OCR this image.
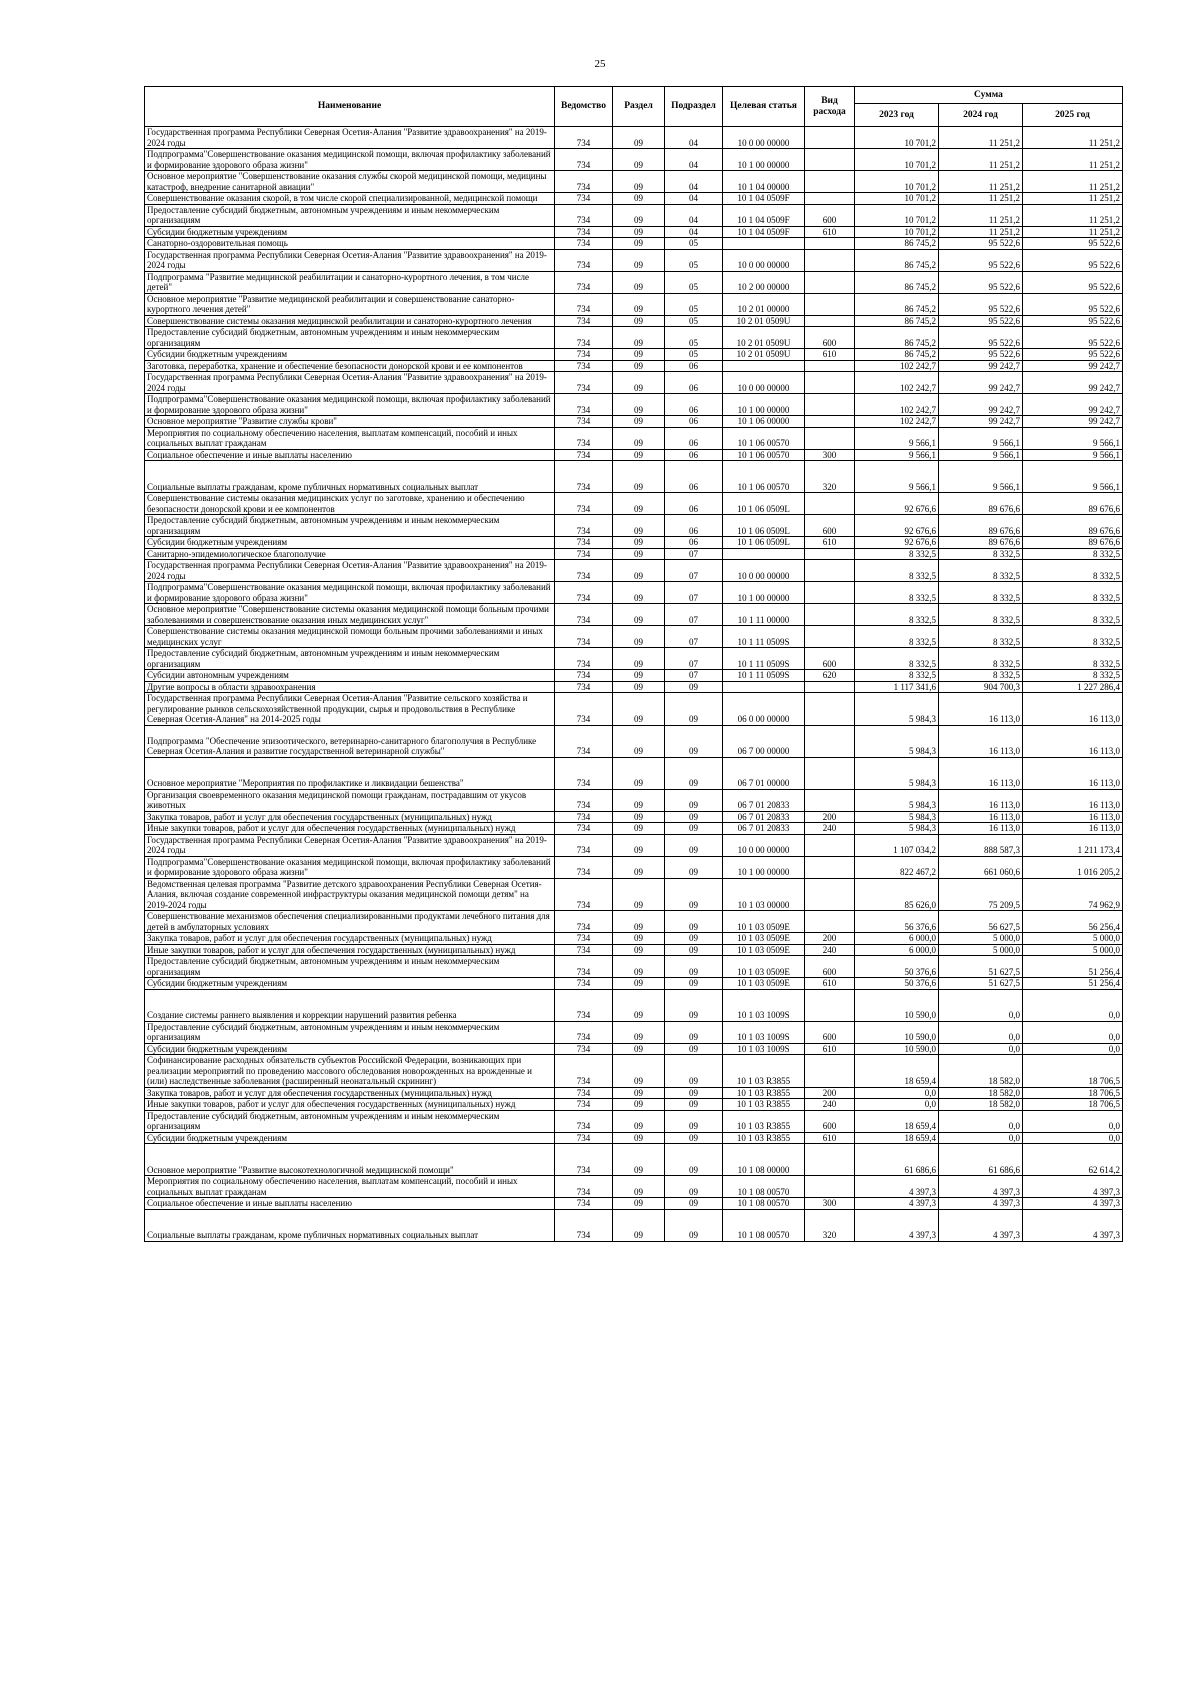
25
Наименование	Ведомство	Раздел	Подраздел	Целевая статья	Вид расхода	Сумма		
						2023 год	2024 год	2025 год
Государственная программа Республики Северная Осетия-Алания "Развитие здравоохранения" на 2019-2024 годы	734	09	04	10 0 00 00000		10 701,2	11 251,2	11 251,2
Подпрограмма"Совершенствование оказания медицинской помощи, включая профилактику заболеваний и формирование здорового образа жизни"	734	09	04	10 1 00 00000		10 701,2	11 251,2	11 251,2
Основное мероприятие "Совершенствование оказания службы скорой медицинской помощи, медицины катастроф, внедрение санитарной авиации"	734	09	04	10 1 04 00000		10 701,2	11 251,2	11 251,2
Совершенствование оказания скорой, в том числе скорой специализированной, медицинской помощи	734	09	04	10 1 04 0509F		10 701,2	11 251,2	11 251,2
Предоставление субсидий бюджетным, автономным учреждениям и иным некоммерческим организациям	734	09	04	10 1 04 0509F	600	10 701,2	11 251,2	11 251,2
Субсидии бюджетным учреждениям	734	09	04	10 1 04 0509F	610	10 701,2	11 251,2	11 251,2
Санаторно-оздоровительная помощь	734	09	05			86 745,2	95 522,6	95 522,6
Государственная программа Республики Северная Осетия-Алания "Развитие здравоохранения" на 2019-2024 годы	734	09	05	10 0 00 00000		86 745,2	95 522,6	95 522,6
Подпрограмма "Развитие медицинской реабилитации и санаторно-курортного лечения, в том числе детей"	734	09	05	10 2 00 00000		86 745,2	95 522,6	95 522,6
Основное мероприятие "Развитие медицинской реабилитации и совершенствование санаторно-курортного лечения детей"	734	09	05	10 2 01 00000		86 745,2	95 522,6	95 522,6
Совершенствование системы оказания медицинской реабилитации и санаторно-курортного лечения	734	09	05	10 2 01 0509U		86 745,2	95 522,6	95 522,6
Предоставление субсидий бюджетным, автономным учреждениям и иным некоммерческим организациям	734	09	05	10 2 01 0509U	600	86 745,2	95 522,6	95 522,6
Субсидии бюджетным учреждениям	734	09	05	10 2 01 0509U	610	86 745,2	95 522,6	95 522,6
Заготовка, переработка, хранение и обеспечение безопасности донорской крови и ее компонентов	734	09	06			102 242,7	99 242,7	99 242,7
Государственная программа Республики Северная Осетия-Алания "Развитие здравоохранения" на 2019-2024 годы	734	09	06	10 0 00 00000		102 242,7	99 242,7	99 242,7
Подпрограмма"Совершенствование оказания медицинской помощи, включая профилактику заболеваний и формирование здорового образа жизни"	734	09	06	10 1 00 00000		102 242,7	99 242,7	99 242,7
Основное мероприятие "Развитие службы крови"	734	09	06	10 1 06 00000		102 242,7	99 242,7	99 242,7
Мероприятия по социальному обеспечению населения, выплатам компенсаций, пособий и иных социальных выплат гражданам	734	09	06	10 1 06 00570		9 566,1	9 566,1	9 566,1
Социальное обеспечение и иные выплаты населению	734	09	06	10 1 06 00570	300	9 566,1	9 566,1	9 566,1
Социальные выплаты гражданам, кроме публичных нормативных социальных выплат	734	09	06	10 1 06 00570	320	9 566,1	9 566,1	9 566,1
Совершенствование системы оказания медицинских услуг по заготовке, хранению и обеспечению безопасности донорской крови и ее компонентов	734	09	06	10 1 06 0509L		92 676,6	89 676,6	89 676,6
Предоставление субсидий бюджетным, автономным учреждениям и иным некоммерческим организациям	734	09	06	10 1 06 0509L	600	92 676,6	89 676,6	89 676,6
Субсидии бюджетным учреждениям	734	09	06	10 1 06 0509L	610	92 676,6	89 676,6	89 676,6
Санитарно-эпидемиологическое благополучие	734	09	07			8 332,5	8 332,5	8 332,5
Государственная программа Республики Северная Осетия-Алания "Развитие здравоохранения" на 2019-2024 годы	734	09	07	10 0 00 00000		8 332,5	8 332,5	8 332,5
Подпрограмма"Совершенствование оказания медицинской помощи, включая профилактику заболеваний и формирование здорового образа жизни"	734	09	07	10 1 00 00000		8 332,5	8 332,5	8 332,5
Основное мероприятие "Совершенствование системы оказания медицинской помощи больным прочими заболеваниями и совершенствование оказания иных медицинских услуг"	734	09	07	10 1 11 00000		8 332,5	8 332,5	8 332,5
Совершенствование системы оказания медицинской помощи больным прочими заболеваниями и иных медицинских услуг	734	09	07	10 1 11 0509S		8 332,5	8 332,5	8 332,5
Предоставление субсидий бюджетным, автономным учреждениям и иным некоммерческим организациям	734	09	07	10 1 11 0509S	600	8 332,5	8 332,5	8 332,5
Субсидии автономным учреждениям	734	09	07	10 1 11 0509S	620	8 332,5	8 332,5	8 332,5
Другие вопросы в области здравоохранения	734	09	09			1 117 341,6	904 700,3	1 227 286,4
Государственная программа Республики Северная Осетия-Алания "Развитие сельского хозяйства и регулирование рынков сельскохозяйственной продукции, сырья и продовольствия в Республике Северная Осетия-Алания" на 2014-2025 годы	734	09	09	06 0 00 00000		5 984,3	16 113,0	16 113,0
Подпрограмма "Обеспечение эпизоотического, ветеринарно-санитарного благополучия в Республике Северная Осетия-Алания и развитие государственной ветеринарной службы"	734	09	09	06 7 00 00000		5 984,3	16 113,0	16 113,0
Основное мероприятие "Мероприятия по профилактике и ликвидации бешенства"	734	09	09	06 7 01 00000		5 984,3	16 113,0	16 113,0
Организация своевременного оказания медицинской помощи гражданам, пострадавшим от укусов животных	734	09	09	06 7 01 20833		5 984,3	16 113,0	16 113,0
Закупка товаров, работ и услуг для обеспечения государственных (муниципальных) нужд	734	09	09	06 7 01 20833	200	5 984,3	16 113,0	16 113,0
Иные закупки товаров, работ и услуг для обеспечения государственных (муниципальных) нужд	734	09	09	06 7 01 20833	240	5 984,3	16 113,0	16 113,0
Государственная программа Республики Северная Осетия-Алания "Развитие здравоохранения" на 2019-2024 годы	734	09	09	10 0 00 00000		1 107 034,2	888 587,3	1 211 173,4
Подпрограмма"Совершенствование оказания медицинской помощи, включая профилактику заболеваний и формирование здорового образа жизни"	734	09	09	10 1 00 00000		822 467,2	661 060,6	1 016 205,2
Ведомственная целевая программа "Развитие детского здравоохранения Республики Северная Осетия-Алания, включая создание современной инфраструктуры оказания медицинской помощи детям" на 2019-2024 годы	734	09	09	10 1 03 00000		85 626,0	75 209,5	74 962,9
Совершенствование механизмов обеспечения специализированными продуктами лечебного питания для детей в амбулаторных условиях	734	09	09	10 1 03 0509E		56 376,6	56 627,5	56 256,4
Закупка товаров, работ и услуг для обеспечения государственных (муниципальных) нужд	734	09	09	10 1 03 0509E	200	6 000,0	5 000,0	5 000,0
Иные закупки товаров, работ и услуг для обеспечения государственных (муниципальных) нужд	734	09	09	10 1 03 0509E	240	6 000,0	5 000,0	5 000,0
Предоставление субсидий бюджетным, автономным учреждениям и иным некоммерческим организациям	734	09	09	10 1 03 0509E	600	50 376,6	51 627,5	51 256,4
Субсидии бюджетным учреждениям	734	09	09	10 1 03 0509E	610	50 376,6	51 627,5	51 256,4
Создание системы раннего выявления и коррекции нарушений развития ребенка	734	09	09	10 1 03 1009S		10 590,0	0,0	0,0
Предоставление субсидий бюджетным, автономным учреждениям и иным некоммерческим организациям	734	09	09	10 1 03 1009S	600	10 590,0	0,0	0,0
Субсидии бюджетным учреждениям	734	09	09	10 1 03 1009S	610	10 590,0	0,0	0,0
Софинансирование расходных обязательств субъектов Российской Федерации, возникающих при реализации мероприятий по проведению массового обследования новорожденных на врожденные и (или) наследственные заболевания (расширенный неонатальный скрининг)	734	09	09	10 1 03 R3855		18 659,4	18 582,0	18 706,5
Закупка товаров, работ и услуг для обеспечения государственных (муниципальных) нужд	734	09	09	10 1 03 R3855	200	0,0	18 582,0	18 706,5
Иные закупки товаров, работ и услуг для обеспечения государственных (муниципальных) нужд	734	09	09	10 1 03 R3855	240	0,0	18 582,0	18 706,5
Предоставление субсидий бюджетным, автономным учреждениям и иным некоммерческим организациям	734	09	09	10 1 03 R3855	600	18 659,4	0,0	0,0
Субсидии бюджетным учреждениям	734	09	09	10 1 03 R3855	610	18 659,4	0,0	0,0
Основное мероприятие "Развитие высокотехнологичной медицинской помощи"	734	09	09	10 1 08 00000		61 686,6	61 686,6	62 614,2
Мероприятия по социальному обеспечению населения, выплатам компенсаций, пособий и иных социальных выплат гражданам	734	09	09	10 1 08 00570		4 397,3	4 397,3	4 397,3
Социальное обеспечение и иные выплаты населению	734	09	09	10 1 08 00570	300	4 397,3	4 397,3	4 397,3
Социальные выплаты гражданам, кроме публичных нормативных социальных выплат	734	09	09	10 1 08 00570	320	4 397,3	4 397,3	4 397,3
